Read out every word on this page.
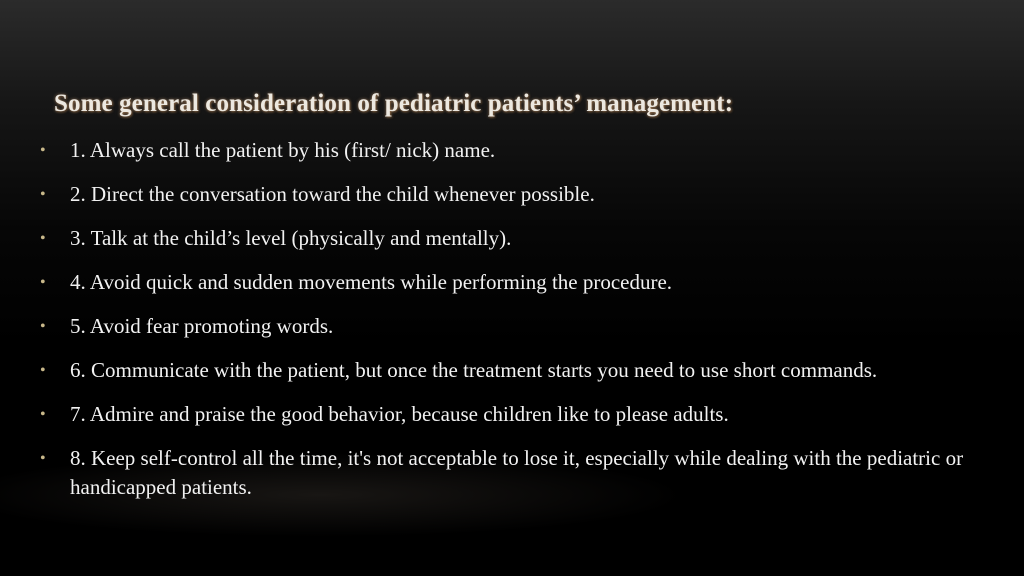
Some general consideration of pediatric patients’ management:
•	1. Always call the patient by his (first/ nick) name.
•	2. Direct the conversation toward the child whenever possible.
•	3. Talk at the child’s level (physically and mentally).
•	4. Avoid quick and sudden movements while performing the procedure.
•	5. Avoid fear promoting words.
•	6. Communicate with the patient, but once the treatment starts you need to use short commands.
•	7. Admire and praise the good behavior, because children like to please adults.
•	8. Keep self-control all the time, it's not acceptable to lose it, especially while dealing with the pediatric or handicapped patients.
